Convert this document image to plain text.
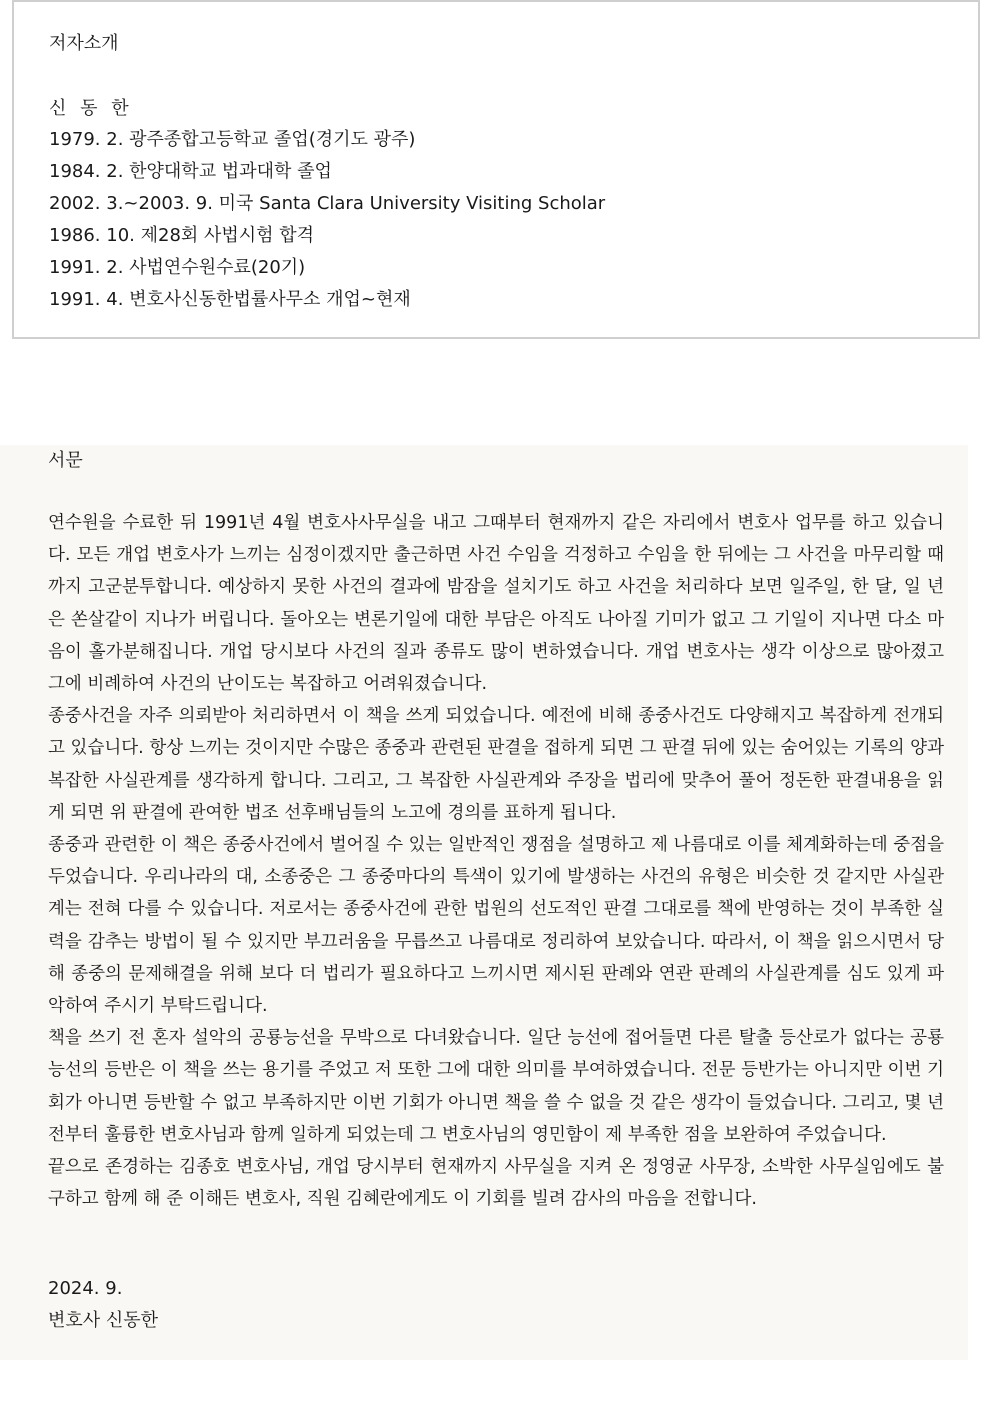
저자소개
신 동 한
1979. 2. 광주종합고등학교 졸업(경기도 광주)
1984. 2. 한양대학교 법과대학 졸업
2002. 3.~2003. 9. 미국 Santa Clara University Visiting Scholar
1986. 10. 제28회 사법시험 합격
1991. 2. 사법연수원수료(20기)
1991. 4. 변호사신동한법률사무소 개업~현재
서문

연수원을 수료한 뒤 1991년 4월 변호사사무실을 내고 그때부터 현재까지 같은 자리에서 변호사 업무를 하고 있습니다. 모든 개업 변호사가 느끼는 심정이겠지만 출근하면 사건 수임을 걱정하고 수임을 한 뒤에는 그 사건을 마무리할 때까지 고군분투합니다. 예상하지 못한 사건의 결과에 밤잠을 설치기도 하고 사건을 처리하다 보면 일주일, 한 달, 일 년은 쏜살같이 지나가 버립니다. 돌아오는 변론기일에 대한 부담은 아직도 나아질 기미가 없고 그 기일이 지나면 다소 마음이 홀가분해집니다. 개업 당시보다 사건의 질과 종류도 많이 변하였습니다. 개업 변호사는 생각 이상으로 많아졌고 그에 비례하여 사건의 난이도는 복잡하고 어려워졌습니다.

종중사건을 자주 의뢰받아 처리하면서 이 책을 쓰게 되었습니다. 예전에 비해 종중사건도 다양해지고 복잡하게 전개되고 있습니다. 항상 느끼는 것이지만 수많은 종중과 관련된 판결을 접하게 되면 그 판결 뒤에 있는 숨어있는 기록의 양과 복잡한 사실관계를 생각하게 합니다. 그리고, 그 복잡한 사실관계와 주장을 법리에 맞추어 풀어 정돈한 판결내용을 읽게 되면 위 판결에 관여한 법조 선후배님들의 노고에 경의를 표하게 됩니다.

종중과 관련한 이 책은 종중사건에서 벌어질 수 있는 일반적인 쟁점을 설명하고 제 나름대로 이를 체계화하는데 중점을 두었습니다. 우리나라의 대, 소종중은 그 종중마다의 특색이 있기에 발생하는 사건의 유형은 비슷한 것 같지만 사실관계는 전혀 다를 수 있습니다. 저로서는 종중사건에 관한 법원의 선도적인 판결 그대로를 책에 반영하는 것이 부족한 실력을 감추는 방법이 될 수 있지만 부끄러움을 무릅쓰고 나름대로 정리하여 보았습니다. 따라서, 이 책을 읽으시면서 당해 종중의 문제해결을 위해 보다 더 법리가 필요하다고 느끼시면 제시된 판례와 연관 판례의 사실관계를 심도 있게 파악하여 주시기 부탁드립니다.

책을 쓰기 전 혼자 설악의 공룡능선을 무박으로 다녀왔습니다. 일단 능선에 접어들면 다른 탈출 등산로가 없다는 공룡능선의 등반은 이 책을 쓰는 용기를 주었고 저 또한 그에 대한 의미를 부여하였습니다. 전문 등반가는 아니지만 이번 기회가 아니면 등반할 수 없고 부족하지만 이번 기회가 아니면 책을 쓸 수 없을 것 같은 생각이 들었습니다. 그리고, 몇 년 전부터 훌륭한 변호사님과 함께 일하게 되었는데 그 변호사님의 영민함이 제 부족한 점을 보완하여 주었습니다.

끝으로 존경하는 김종호 변호사님, 개업 당시부터 현재까지 사무실을 지켜 온 정영균 사무장, 소박한 사무실임에도 불구하고 함께 해 준 이해든 변호사, 직원 김혜란에게도 이 기회를 빌려 감사의 마음을 전합니다.

2024. 9.
변호사 신동한
